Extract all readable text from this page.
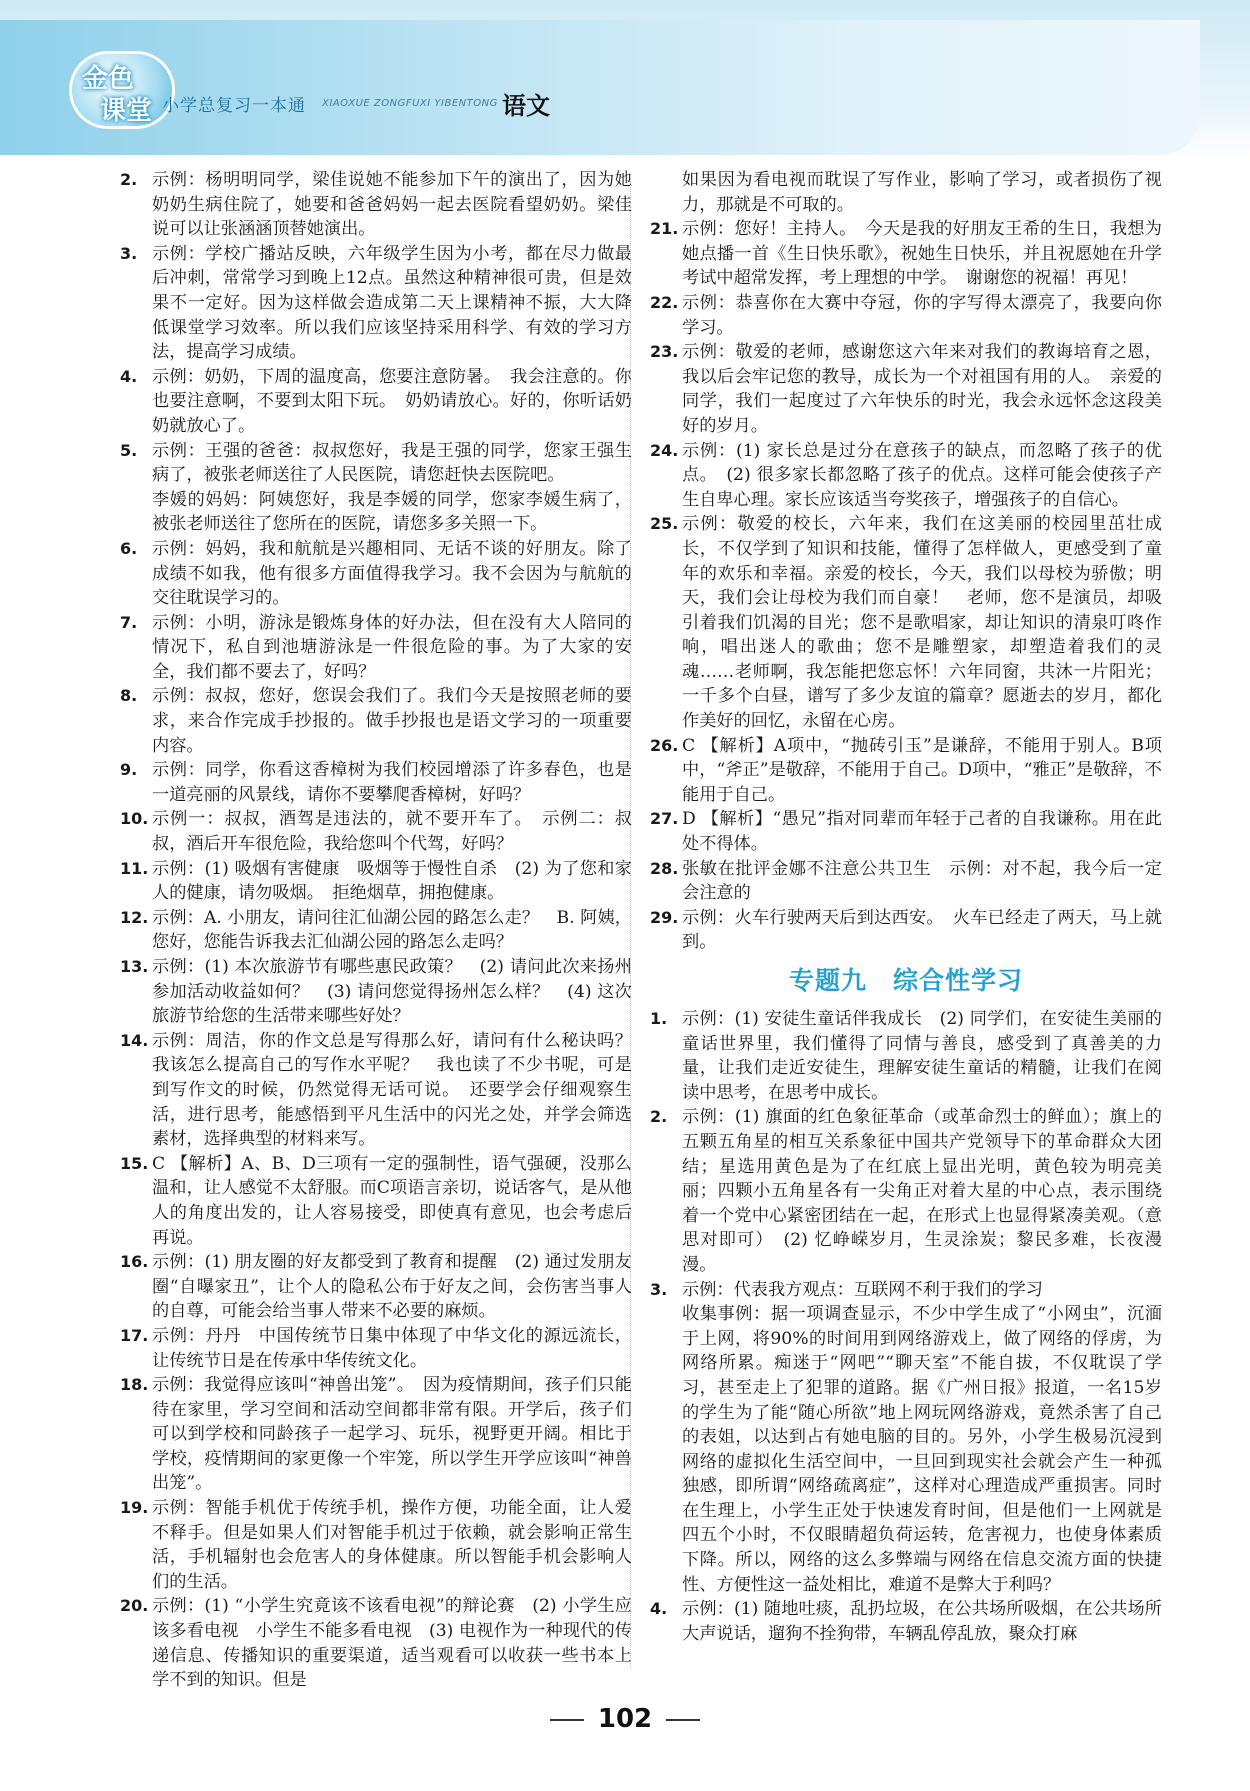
金色
课堂 小学总复习一本通 XIAOXUE ZONGFUXI YIBENTONG 语文

2. 示例：杨明明同学，梁佳说她不能参加下午的演出了，因为她奶奶生病住院了，她要和爸爸妈妈一起去医院看望奶奶。梁佳说可以让张涵涵顶替她演出。

3. 示例：学校广播站反映，六年级学生因为小考，都在尽力做最后冲刺，常常学习到晚上12点。虽然这种精神很可贵，但是效果不一定好。因为这样做会造成第二天上课精神不振，大大降低课堂学习效率。所以我们应该坚持采用科学、有效的学习方法，提高学习成绩。

4. 示例：奶奶，下周的温度高，您要注意防暑。　我会注意的。你也要注意啊，不要到太阳下玩。　奶奶请放心。好的，你听话奶奶就放心了。

5. 示例：王强的爸爸：叔叔您好，我是王强的同学，您家王强生病了，被张老师送往了人民医院，请您赶快去医院吧。

李媛的妈妈：阿姨您好，我是李媛的同学，您家李媛生病了，被张老师送往了您所在的医院，请您多多关照一下。

6. 示例：妈妈，我和航航是兴趣相同、无话不谈的好朋友。除了成绩不如我，他有很多方面值得我学习。我不会因为与航航的交往耽误学习的。

7. 示例：小明，游泳是锻炼身体的好办法，但在没有大人陪同的情况下，私自到池塘游泳是一件很危险的事。为了大家的安全，我们都不要去了，好吗？

8. 示例：叔叔，您好，您误会我们了。我们今天是按照老师的要求，来合作完成手抄报的。做手抄报也是语文学习的一项重要内容。

9. 示例：同学，你看这香樟树为我们校园增添了许多春色，也是一道亮丽的风景线，请你不要攀爬香樟树，好吗？

10. 示例一：叔叔，酒驾是违法的，就不要开车了。　示例二：叔叔，酒后开车很危险，我给您叫个代驾，好吗？

11. 示例：(1) 吸烟有害健康　吸烟等于慢性自杀　(2) 为了您和家人的健康，请勿吸烟。　拒绝烟草，拥抱健康。

12. 示例：A. 小朋友，请问往汇仙湖公园的路怎么走？　B. 阿姨，您好，您能告诉我去汇仙湖公园的路怎么走吗？

13. 示例：(1) 本次旅游节有哪些惠民政策？　(2) 请问此次来扬州参加活动收益如何？　(3) 请问您觉得扬州怎么样？　(4) 这次旅游节给您的生活带来哪些好处？

14. 示例：周洁，你的作文总是写得那么好，请问有什么秘诀吗？我该怎么提高自己的写作水平呢？　我也读了不少书呢，可是到写作文的时候，仍然觉得无话可说。　还要学会仔细观察生活，进行思考，能感悟到平凡生活中的闪光之处，并学会筛选素材，选择典型的材料来写。

15. C 【解析】A、B、D三项有一定的强制性，语气强硬，没那么温和，让人感觉不太舒服。而C项语言亲切，说话客气，是从他人的角度出发的，让人容易接受，即使真有意见，也会考虑后再说。

16. 示例：(1) 朋友圈的好友都受到了教育和提醒　(2) 通过发朋友圈“自曝家丑”，让个人的隐私公布于好友之间，会伤害当事人的自尊，可能会给当事人带来不必要的麻烦。

17. 示例：丹丹　中国传统节日集中体现了中华文化的源远流长，让传统节日是在传承中华传统文化。

18. 示例：我觉得应该叫“神兽出笼”。　因为疫情期间，孩子们只能待在家里，学习空间和活动空间都非常有限。开学后，孩子们可以到学校和同龄孩子一起学习、玩乐，视野更开阔。相比于学校，疫情期间的家更像一个牢笼，所以学生开学应该叫“神兽出笼”。

19. 示例：智能手机优于传统手机，操作方便，功能全面，让人爱不释手。但是如果人们对智能手机过于依赖，就会影响正常生活，手机辐射也会危害人的身体健康。所以智能手机会影响人们的生活。

20. 示例：(1) “小学生究竟该不该看电视”的辩论赛　(2) 小学生应该多看电视　小学生不能多看电视　(3) 电视作为一种现代的传递信息、传播知识的重要渠道，适当观看可以收获一些书本上学不到的知识。但是

如果因为看电视而耽误了写作业，影响了学习，或者损伤了视力，那就是不可取的。

21. 示例：您好！主持人。　今天是我的好朋友王希的生日，我想为她点播一首《生日快乐歌》，祝她生日快乐，并且祝愿她在升学考试中超常发挥，考上理想的中学。　谢谢您的祝福！再见！

22. 示例：恭喜你在大赛中夺冠，你的字写得太漂亮了，我要向你学习。

23. 示例：敬爱的老师，感谢您这六年来对我们的教诲培育之恩，我以后会牢记您的教导，成长为一个对祖国有用的人。　亲爱的同学，我们一起度过了六年快乐的时光，我会永远怀念这段美好的岁月。

24. 示例：(1) 家长总是过分在意孩子的缺点，而忽略了孩子的优点。　(2) 很多家长都忽略了孩子的优点。这样可能会使孩子产生自卑心理。家长应该适当夸奖孩子，增强孩子的自信心。

25. 示例：敬爱的校长，六年来，我们在这美丽的校园里茁壮成长，不仅学到了知识和技能，懂得了怎样做人，更感受到了童年的欢乐和幸福。亲爱的校长，今天，我们以母校为骄傲；明天，我们会让母校为我们而自豪！　老师，您不是演员，却吸引着我们饥渴的目光；您不是歌唱家，却让知识的清泉叮咚作响，唱出迷人的歌曲；您不是雕塑家，却塑造着我们的灵魂……老师啊，我怎能把您忘怀！六年同窗，共沐一片阳光；一千多个白昼，谱写了多少友谊的篇章？愿逝去的岁月，都化作美好的回忆，永留在心房。

26. C 【解析】A项中，“抛砖引玉”是谦辞，不能用于别人。B项中，“斧正”是敬辞，不能用于自己。D项中，“雅正”是敬辞，不能用于自己。

27. D 【解析】“愚兄”指对同辈而年轻于己者的自我谦称。用在此处不得体。

28. 张敏在批评金娜不注意公共卫生　示例：对不起，我今后一定会注意的

29. 示例：火车行驶两天后到达西安。　火车已经走了两天，马上就到。

专题九　综合性学习

1. 示例：(1) 安徒生童话伴我成长　(2) 同学们，在安徒生美丽的童话世界里，我们懂得了同情与善良，感受到了真善美的力量，让我们走近安徒生，理解安徒生童话的精髓，让我们在阅读中思考，在思考中成长。

2. 示例：(1) 旗面的红色象征革命（或革命烈士的鲜血）；旗上的五颗五角星的相互关系象征中国共产党领导下的革命群众大团结；星选用黄色是为了在红底上显出光明，黄色较为明亮美丽；四颗小五角星各有一尖角正对着大星的中心点，表示围绕着一个党中心紧密团结在一起，在形式上也显得紧凑美观。（意思对即可）　(2) 忆峥嵘岁月，生灵涂炭；黎民多难，长夜漫漫。

3. 示例：代表我方观点：互联网不利于我们的学习

收集事例：据一项调查显示，不少中学生成了“小网虫”，沉湎于上网，将90%的时间用到网络游戏上，做了网络的俘虏，为网络所累。痴迷于“网吧”“聊天室”不能自拔，不仅耽误了学习，甚至走上了犯罪的道路。据《广州日报》报道，一名15岁的学生为了能“随心所欲”地上网玩网络游戏，竟然杀害了自己的表姐，以达到占有她电脑的目的。另外，小学生极易沉浸到网络的虚拟化生活空间中，一旦回到现实社会就会产生一种孤独感，即所谓“网络疏离症”，这样对心理造成严重损害。同时在生理上，小学生正处于快速发育时间，但是他们一上网就是四五个小时，不仅眼睛超负荷运转，危害视力，也使身体素质下降。所以，网络的这么多弊端与网络在信息交流方面的快捷性、方便性这一益处相比，难道不是弊大于利吗？

4. 示例：(1) 随地吐痰，乱扔垃圾，在公共场所吸烟，在公共场所大声说话，遛狗不拴狗带，车辆乱停乱放，聚众打麻

102
